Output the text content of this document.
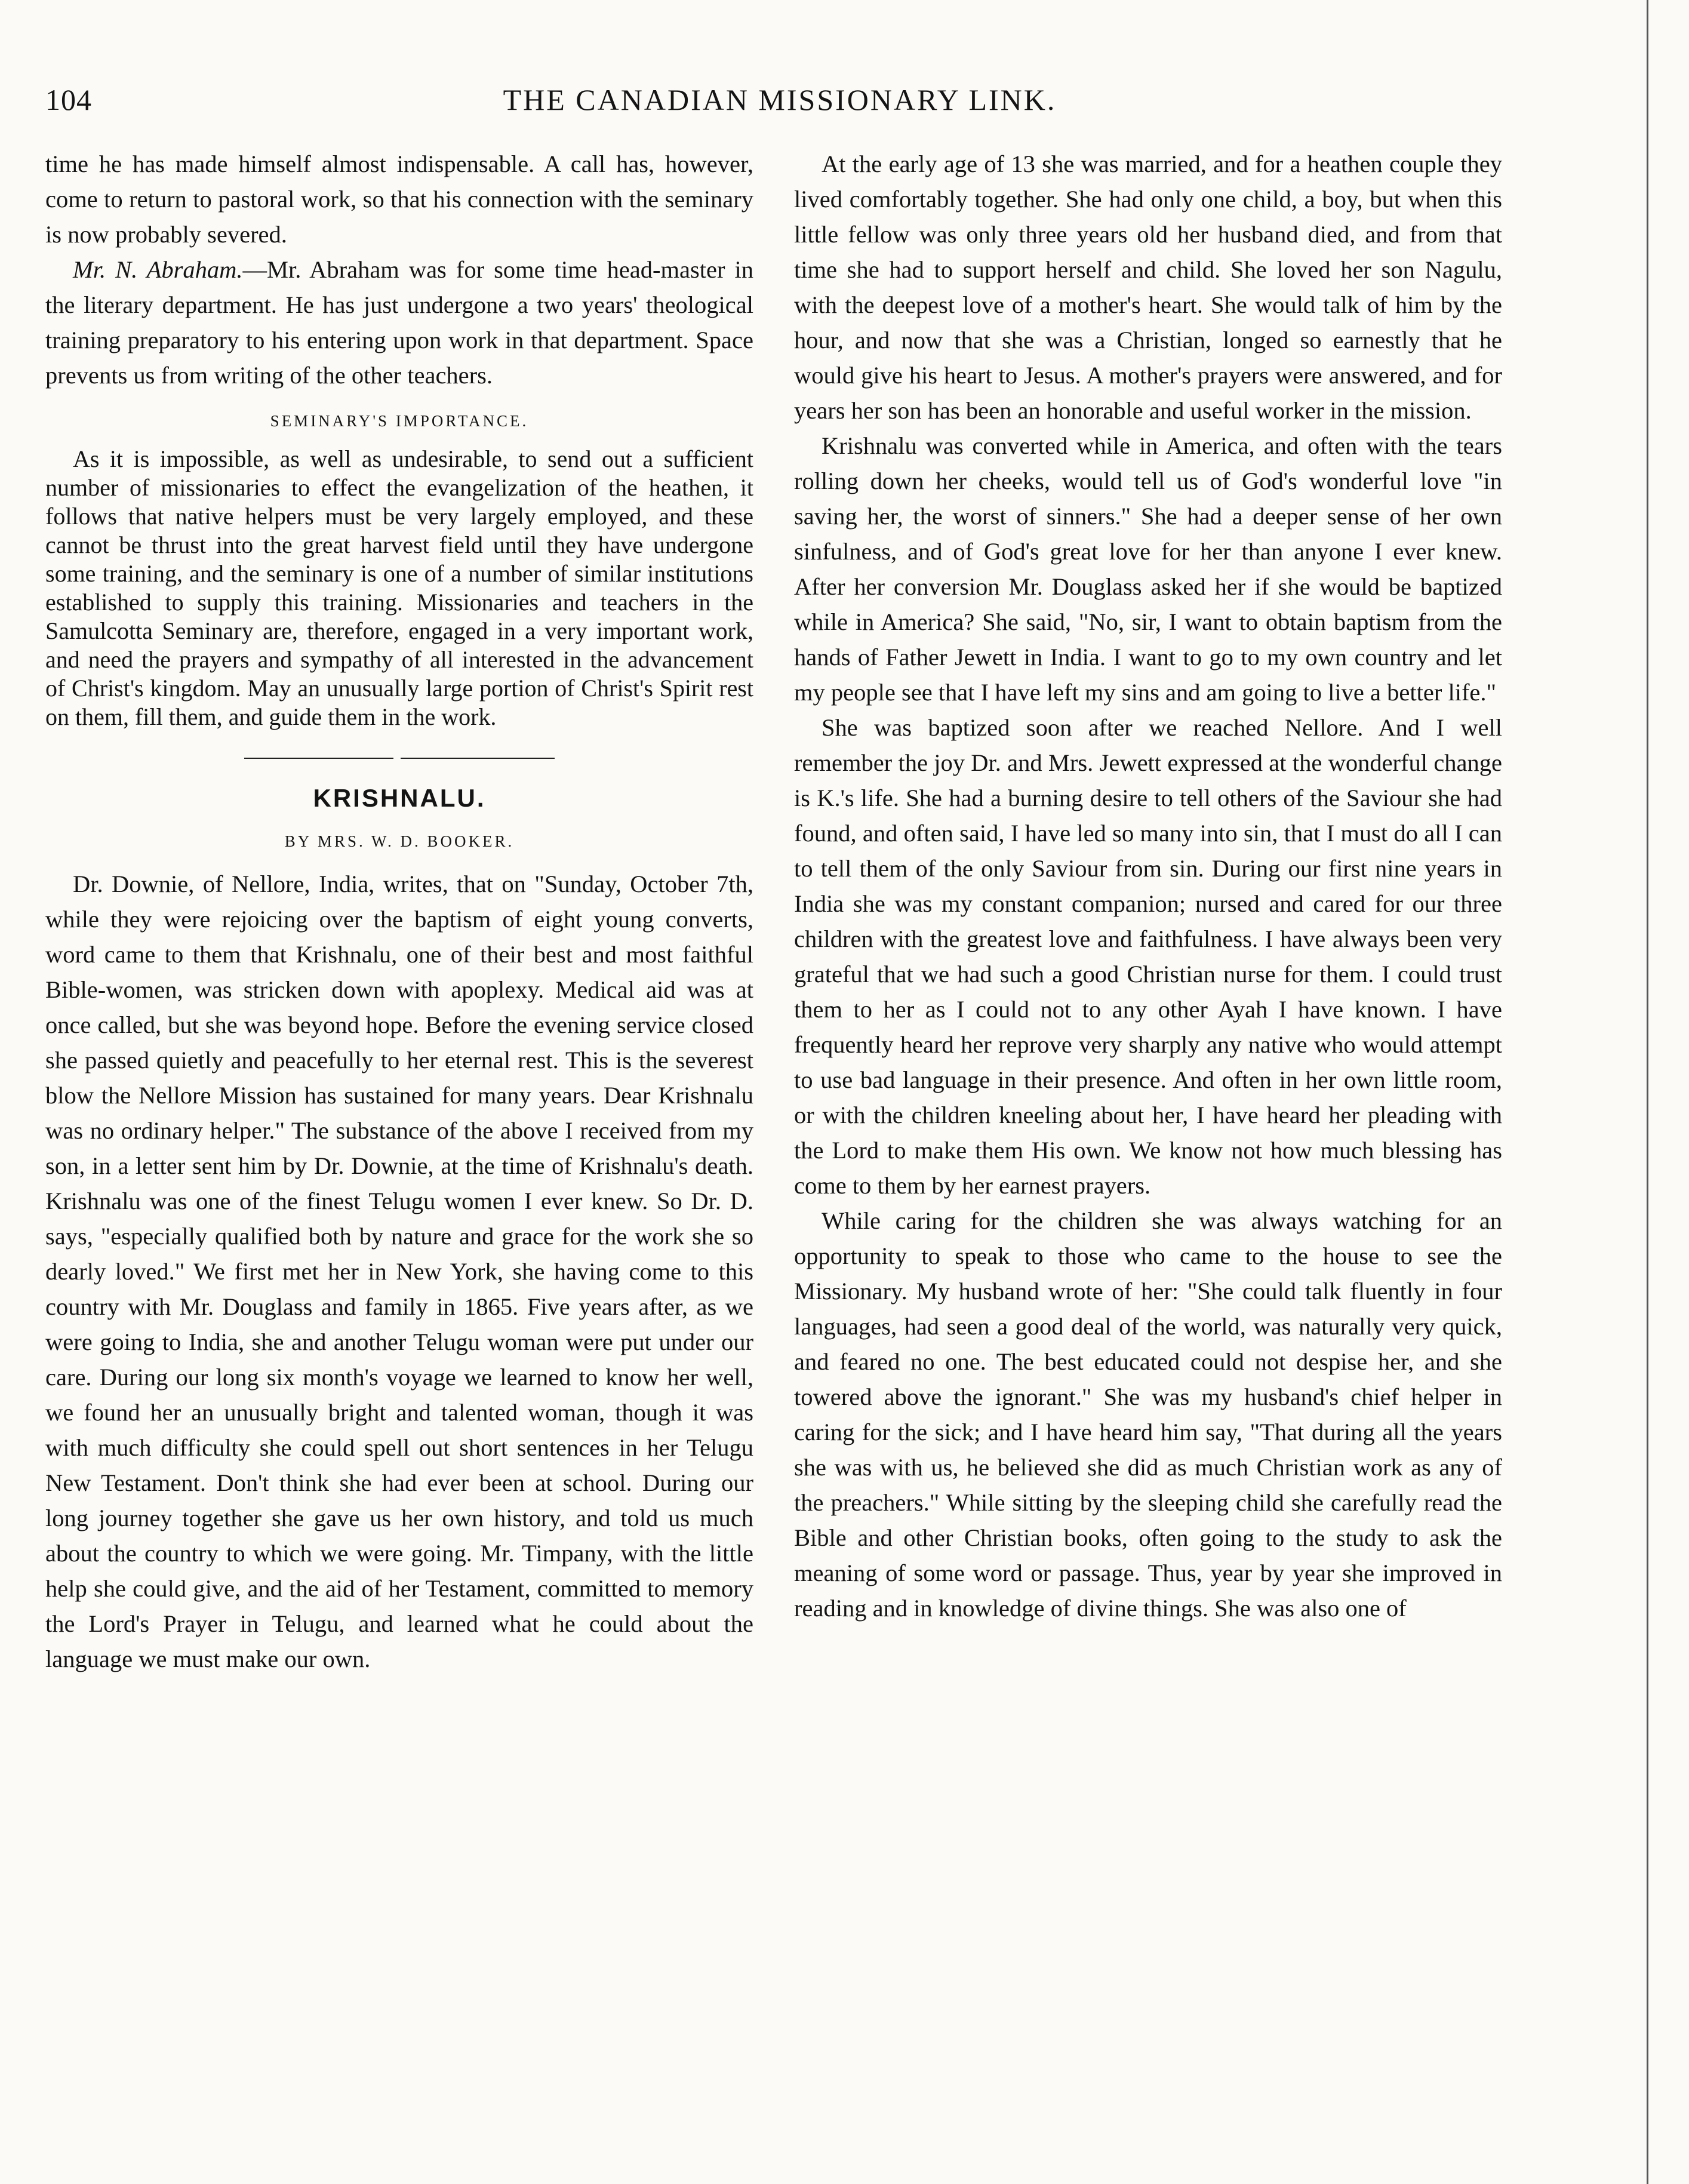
104	THE CANADIAN MISSIONARY LINK.

time he has made himself almost indispensable. A call has, however, come to return to pastoral work, so that his connection with the seminary is now probably severed.

Mr. N. Abraham.—Mr. Abraham was for some time head-master in the literary department. He has just undergone a two years' theological training preparatory to his entering upon work in that department. Space prevents us from writing of the other teachers.

SEMINARY'S IMPORTANCE.

As it is impossible, as well as undesirable, to send out a sufficient number of missionaries to effect the evangelization of the heathen, it follows that native helpers must be very largely employed, and these cannot be thrust into the great harvest field until they have undergone some training, and the seminary is one of a number of similar institutions established to supply this training. Missionaries and teachers in the Samulcotta Seminary are, therefore, engaged in a very important work, and need the prayers and sympathy of all interested in the advancement of Christ's kingdom. May an unusually large portion of Christ's Spirit rest on them, fill them, and guide them in the work.

KRISHNALU.
BY MRS. W. D. BOOKER.

Dr. Downie, of Nellore, India, writes, that on "Sunday, October 7th, while they were rejoicing over the baptism of eight young converts, word came to them that Krishnalu, one of their best and most faithful Bible-women, was stricken down with apoplexy. Medical aid was at once called, but she was beyond hope. Before the evening service closed she passed quietly and peacefully to her eternal rest. This is the severest blow the Nellore Mission has sustained for many years. Dear Krishnalu was no ordinary helper." The substance of the above I received from my son, in a letter sent him by Dr. Downie, at the time of Krishnalu's death. Krishnalu was one of the finest Telugu women I ever knew. So Dr. D. says, "especially qualified both by nature and grace for the work she so dearly loved." We first met her in New York, she having come to this country with Mr. Douglass and family in 1865. Five years after, as we were going to India, she and another Telugu woman were put under our care. During our long six month's voyage we learned to know her well, we found her an unusually bright and talented woman, though it was with much difficulty she could spell out short sentences in her Telugu New Testament. Don't think she had ever been at school. During our long journey together she gave us her own history, and told us much about the country to which we were going. Mr. Timpany, with the little help she could give, and the aid of her Testament, committed to memory the Lord's Prayer in Telugu, and learned what he could about the language we must make our own.

At the early age of 13 she was married, and for a heathen couple they lived comfortably together. She had only one child, a boy, but when this little fellow was only three years old her husband died, and from that time she had to support herself and child. She loved her son Nagulu, with the deepest love of a mother's heart. She would talk of him by the hour, and now that she was a Christian, longed so earnestly that he would give his heart to Jesus. A mother's prayers were answered, and for years her son has been an honorable and useful worker in the mission.

Krishnalu was converted while in America, and often with the tears rolling down her cheeks, would tell us of God's wonderful love "in saving her, the worst of sinners." She had a deeper sense of her own sinfulness, and of God's great love for her than anyone I ever knew. After her conversion Mr. Douglass asked her if she would be baptized while in America? She said, "No, sir, I want to obtain baptism from the hands of Father Jewett in India. I want to go to my own country and let my people see that I have left my sins and am going to live a better life."

She was baptized soon after we reached Nellore. And I well remember the joy Dr. and Mrs. Jewett expressed at the wonderful change is K.'s life. She had a burning desire to tell others of the Saviour she had found, and often said, I have led so many into sin, that I must do all I can to tell them of the only Saviour from sin. During our first nine years in India she was my constant companion; nursed and cared for our three children with the greatest love and faithfulness. I have always been very grateful that we had such a good Christian nurse for them. I could trust them to her as I could not to any other Ayah I have known. I have frequently heard her reprove very sharply any native who would attempt to use bad language in their presence. And often in her own little room, or with the children kneeling about her, I have heard her pleading with the Lord to make them His own. We know not how much blessing has come to them by her earnest prayers.

While caring for the children she was always watching for an opportunity to speak to those who came to the house to see the Missionary. My husband wrote of her: "She could talk fluently in four languages, had seen a good deal of the world, was naturally very quick, and feared no one. The best educated could not despise her, and she towered above the ignorant." She was my husband's chief helper in caring for the sick; and I have heard him say, "That during all the years she was with us, he believed she did as much Christian work as any of the preachers." While sitting by the sleeping child she carefully read the Bible and other Christian books, often going to the study to ask the meaning of some word or passage. Thus, year by year she improved in reading and in knowledge of divine things. She was also one of
